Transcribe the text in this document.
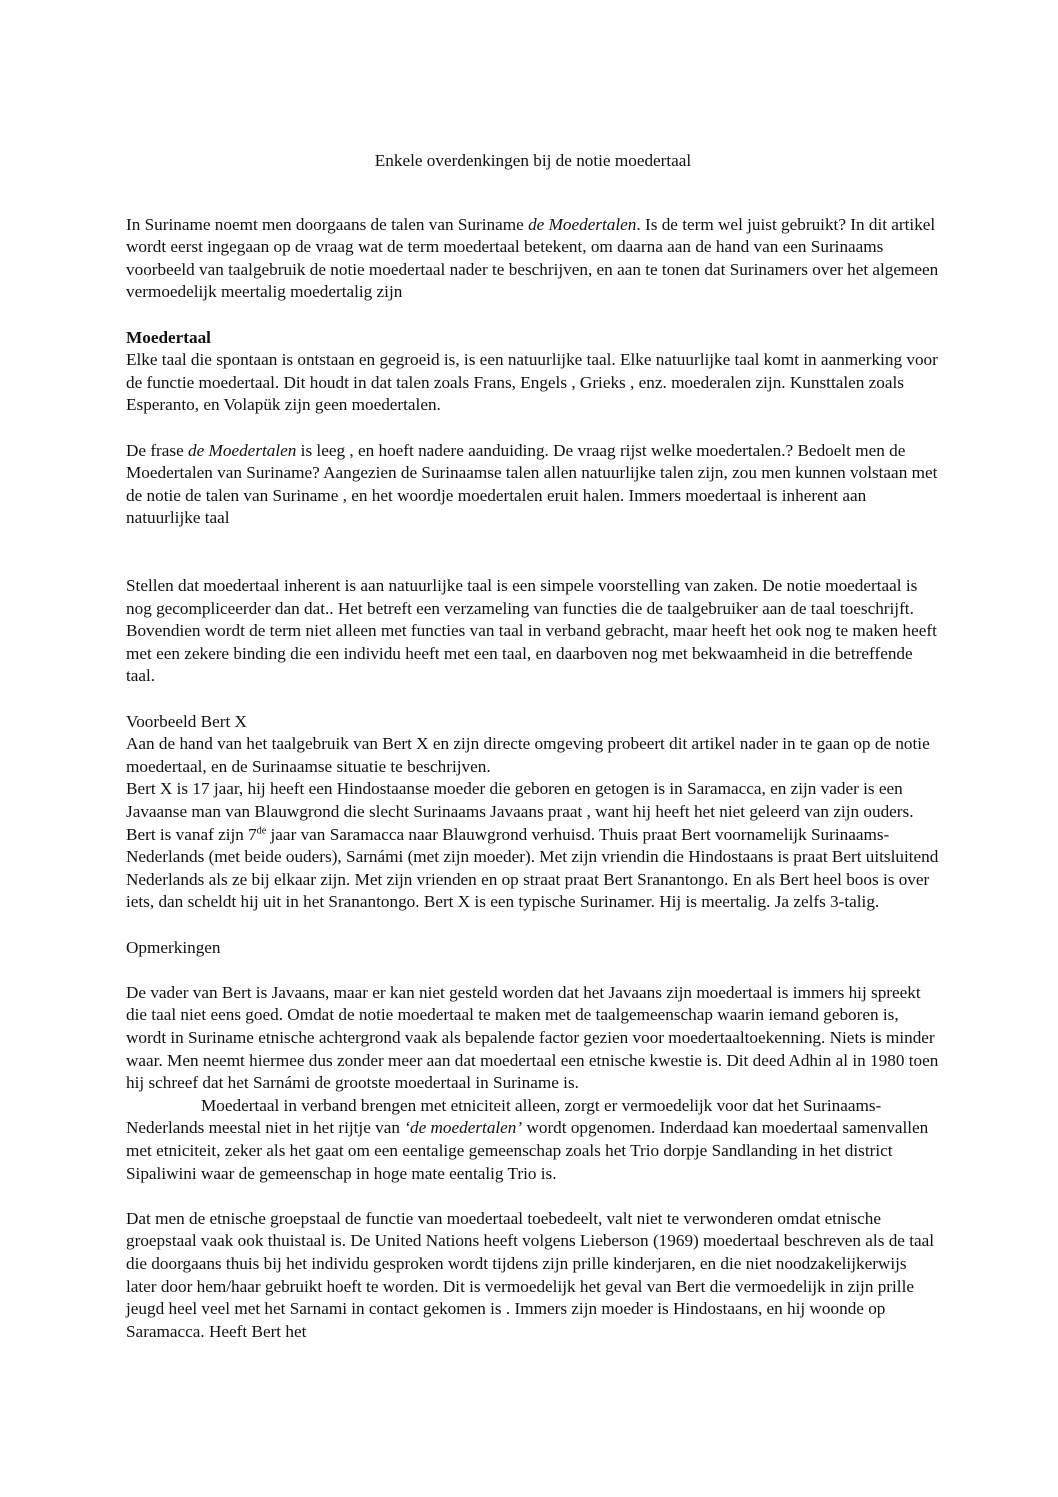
Enkele overdenkingen bij de notie moedertaal

In Suriname noemt men doorgaans de talen van Suriname de Moedertalen. Is de term wel juist gebruikt? In dit artikel wordt eerst ingegaan op de vraag wat de term moedertaal betekent, om daarna aan de hand van een Surinaams voorbeeld van taalgebruik de notie moedertaal nader te beschrijven, en aan te tonen dat Surinamers over het algemeen vermoedelijk meertalig moedertalig zijn

Moedertaal

Elke taal die spontaan is ontstaan en gegroeid is, is een natuurlijke taal. Elke natuurlijke taal komt in aanmerking voor de functie moedertaal. Dit houdt in dat talen zoals Frans, Engels , Grieks , enz. moederalen zijn. Kunsttalen zoals Esperanto, en Volapük zijn geen moedertalen.

De frase de Moedertalen is leeg , en hoeft nadere aanduiding. De vraag rijst welke moedertalen.? Bedoelt men de Moedertalen van Suriname? Aangezien de Surinaamse talen allen natuurlijke talen zijn, zou men kunnen volstaan met de notie de talen van Suriname , en het woordje moedertalen eruit halen. Immers moedertaal is inherent aan natuurlijke taal

Stellen dat moedertaal inherent is aan natuurlijke taal is een simpele voorstelling van zaken. De notie moedertaal is nog gecompliceerder dan dat.. Het betreft een verzameling van functies die de taalgebruiker aan de taal toeschrijft. Bovendien wordt de term niet alleen met functies van taal in verband gebracht, maar heeft het ook nog te maken heeft met een zekere binding die een individu heeft met een taal, en daarboven nog met bekwaamheid in die betreffende taal.

Voorbeeld Bert X

Aan de hand van het taalgebruik van Bert X en zijn directe omgeving probeert dit artikel nader in te gaan op de notie moedertaal, en de Surinaamse situatie te beschrijven.

Bert X is 17 jaar, hij heeft een Hindostaanse moeder die geboren en getogen is in Saramacca, en zijn vader is een Javaanse man van Blauwgrond die slecht Surinaams Javaans praat , want hij heeft het niet geleerd van zijn ouders. Bert is vanaf zijn 7de jaar van Saramacca naar Blauwgrond verhuisd. Thuis praat Bert voornamelijk Surinaams-Nederlands (met beide ouders), Sarnámi (met zijn moeder). Met zijn vriendin die Hindostaans is praat Bert uitsluitend Nederlands als ze bij elkaar zijn. Met zijn vrienden en op straat praat Bert Sranantongo. En als Bert heel boos is over iets, dan scheldt hij uit in het Sranantongo. Bert X is een typische Surinamer. Hij is meertalig. Ja zelfs 3-talig.

Opmerkingen

De vader van Bert is Javaans, maar er kan niet gesteld worden dat het Javaans zijn moedertaal is immers hij spreekt die taal niet eens goed. Omdat de notie moedertaal te maken met de taalgemeenschap waarin iemand geboren is, wordt in Suriname etnische achtergrond vaak als bepalende factor gezien voor moedertaaltoekenning. Niets is minder waar. Men neemt hiermee dus zonder meer aan dat moedertaal een etnische kwestie is. Dit deed Adhin al in 1980 toen hij schreef dat het Sarnámi de grootste moedertaal in Suriname is.

Moedertaal in verband brengen met etniciteit alleen, zorgt er vermoedelijk voor dat het Surinaams-Nederlands meestal niet in het rijtje van ‘de moedertalen’ wordt opgenomen. Inderdaad kan moedertaal samenvallen met etniciteit, zeker als het gaat om een eentalige gemeenschap zoals het Trio dorpje Sandlanding in het district Sipaliwini waar de gemeenschap in hoge mate eentalig Trio is.

Dat men de etnische groepstaal de functie van moedertaal toebedeelt, valt niet te verwonderen omdat etnische groepstaal vaak ook thuistaal is. De United Nations heeft volgens Lieberson (1969) moedertaal beschreven als de taal die doorgaans thuis bij het individu gesproken wordt tijdens zijn prille kinderjaren, en die niet noodzakelijkerwijs later door hem/haar gebruikt hoeft te worden. Dit is vermoedelijk het geval van Bert die vermoedelijk in zijn prille jeugd heel veel met het Sarnami in contact gekomen is . Immers zijn moeder is Hindostaans, en hij woonde op Saramacca. Heeft Bert het
